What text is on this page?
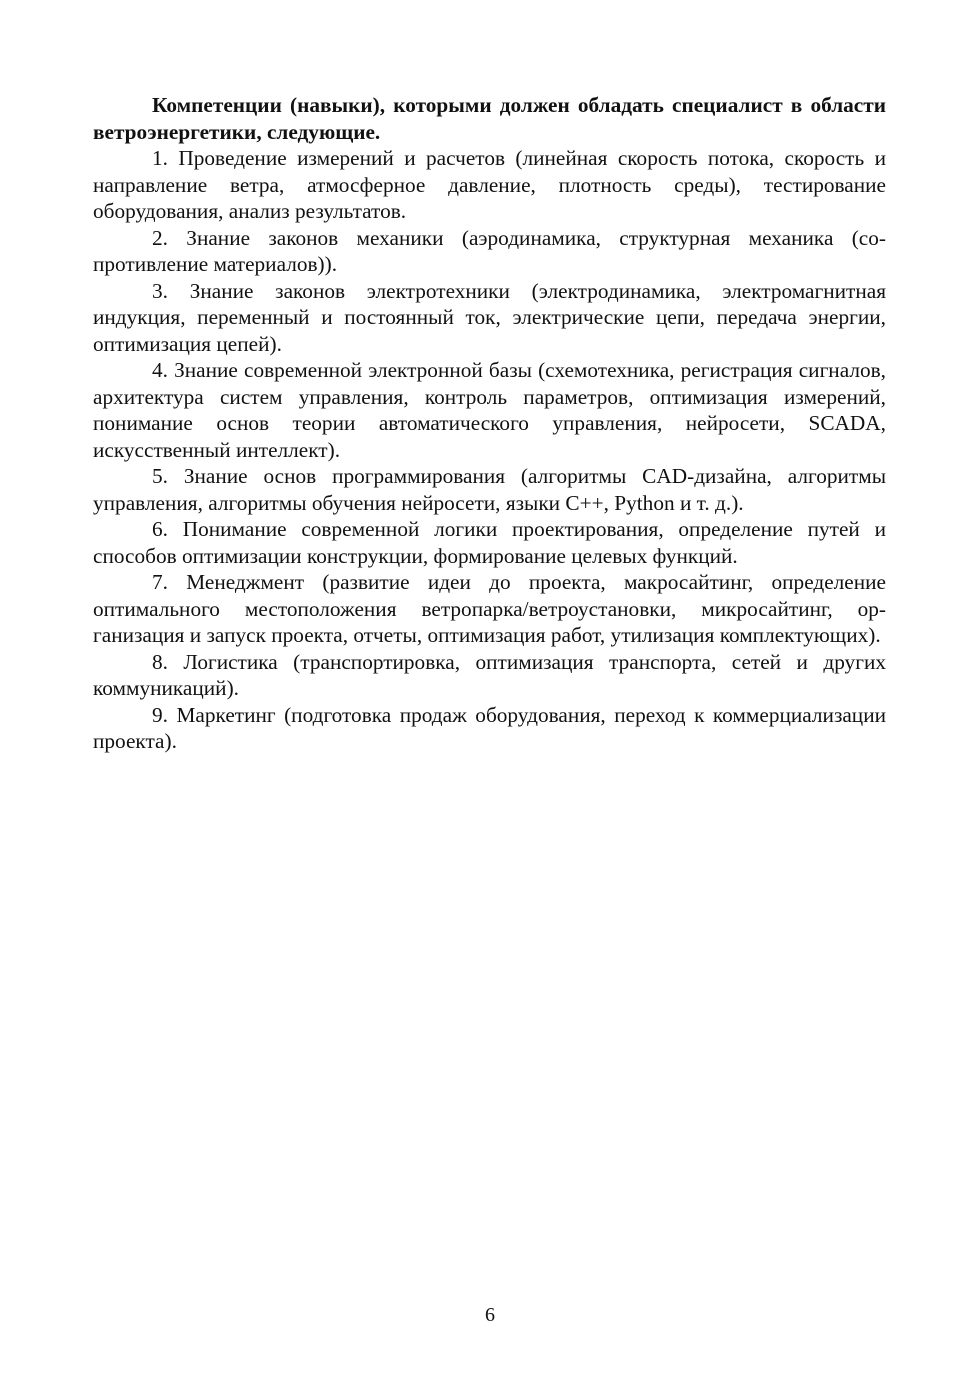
Компетенции (навыки), которыми должен обладать специалист в области ветроэнергетики, следующие.

1. Проведение измерений и расчетов (линейная скорость потока, скорость и направление ветра, атмосферное давление, плотность среды), тестирование оборудования, анализ результатов.

2. Знание законов механики (аэродинамика, структурная механика (сопротивление материалов)).

3. Знание законов электротехники (электродинамика, электромагнитная индукция, переменный и постоянный ток, электрические цепи, передача энергии, оптимизация цепей).

4. Знание современной электронной базы (схемотехника, регистрация сигналов, архитектура систем управления, контроль параметров, оптимизация измерений, понимание основ теории автоматического управления, нейросети, SCADA, искусственный интеллект).

5. Знание основ программирования (алгоритмы CAD-дизайна, алгоритмы управления, алгоритмы обучения нейросети, языки C++, Python и т. д.).

6. Понимание современной логики проектирования, определение путей и способов оптимизации конструкции, формирование целевых функций.

7. Менеджмент (развитие идеи до проекта, макросайтинг, определение оптимального местоположения ветропарка/ветроустановки, микросайтинг, организация и запуск проекта, отчеты, оптимизация работ, утилизация комплектующих).

8. Логистика (транспортировка, оптимизация транспорта, сетей и других коммуникаций).

9. Маркетинг (подготовка продаж оборудования, переход к коммерциализации проекта).

6
